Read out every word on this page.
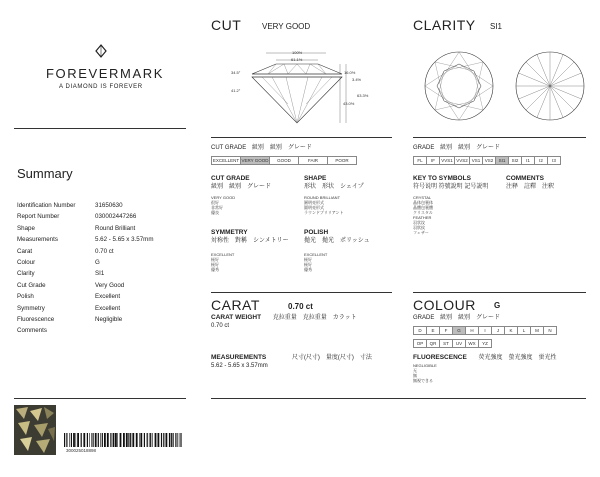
FOREVERMARK
A DIAMOND IS FOREVER
Summary
Identification Number	31650630
Report Number	030002447266
Shape	Round Brilliant
Measurements	5.62 - 5.65 x 3.57mm
Carat	0.70 ct
Colour	G
Clarity	SI1
Cut Grade	Very Good
Polish	Excellent
Symmetry	Excellent
Fluorescence	Negligible
Comments
300025018898
CUT	VERY GOOD
100%
61.1%
34.5°
41.2°
16.0%
3.4%
63.3%
43.0%
CUT GRADE 級別　級別　グレード
EXCELLENT VERY GOOD	GOOD	FAIR	POOR
CUT GRADE
級別　級別　グレード
VERY GOOD
很好
非常好
優良
SHAPE
形状　形状　シェイプ
ROUND BRILLIANT
圓明亮形式
圆明亮形式
ラウンドブリリアント
SYMMETRY
対称性　對稱　シンメトリー
EXCELLENT
極好
極好
優秀
POLISH
拋光　拋光　ポリッシュ
EXCELLENT
極好
極好
優秀
CLARITY SI1
GRADE 級別　級別　グレード
FL	IF	VVS1 VVS2 VS1 VS2	SI1	SI2	I1	I2	I3
KEY TO SYMBOLS
符号说明 符號說明 記号説明
CRYSTAL
晶体包裹体
晶體包裹體
クリスタル
FEATHER
羽状纹
羽狀紋
フェザー
COMMENTS
注释　註釋　注釈
CARAT	0.70 ct
CARAT WEIGHT 克拉重量　克拉重量　カラット
0.70 ct
MEASUREMENTS	尺寸(尺寸)　量度(尺寸)　寸法
5.62 - 5.65 x 3.57mm
COLOUR G
GRADE 級別　級別　グレード
D	E	F	G	H	I	J	K	L	M	N
OP	QR	ST	UV	WX	YZ
FLUORESCENCE 荧光強度　螢光強度　蛍光性
NEGLIGIBLE
无
無
無視できる
